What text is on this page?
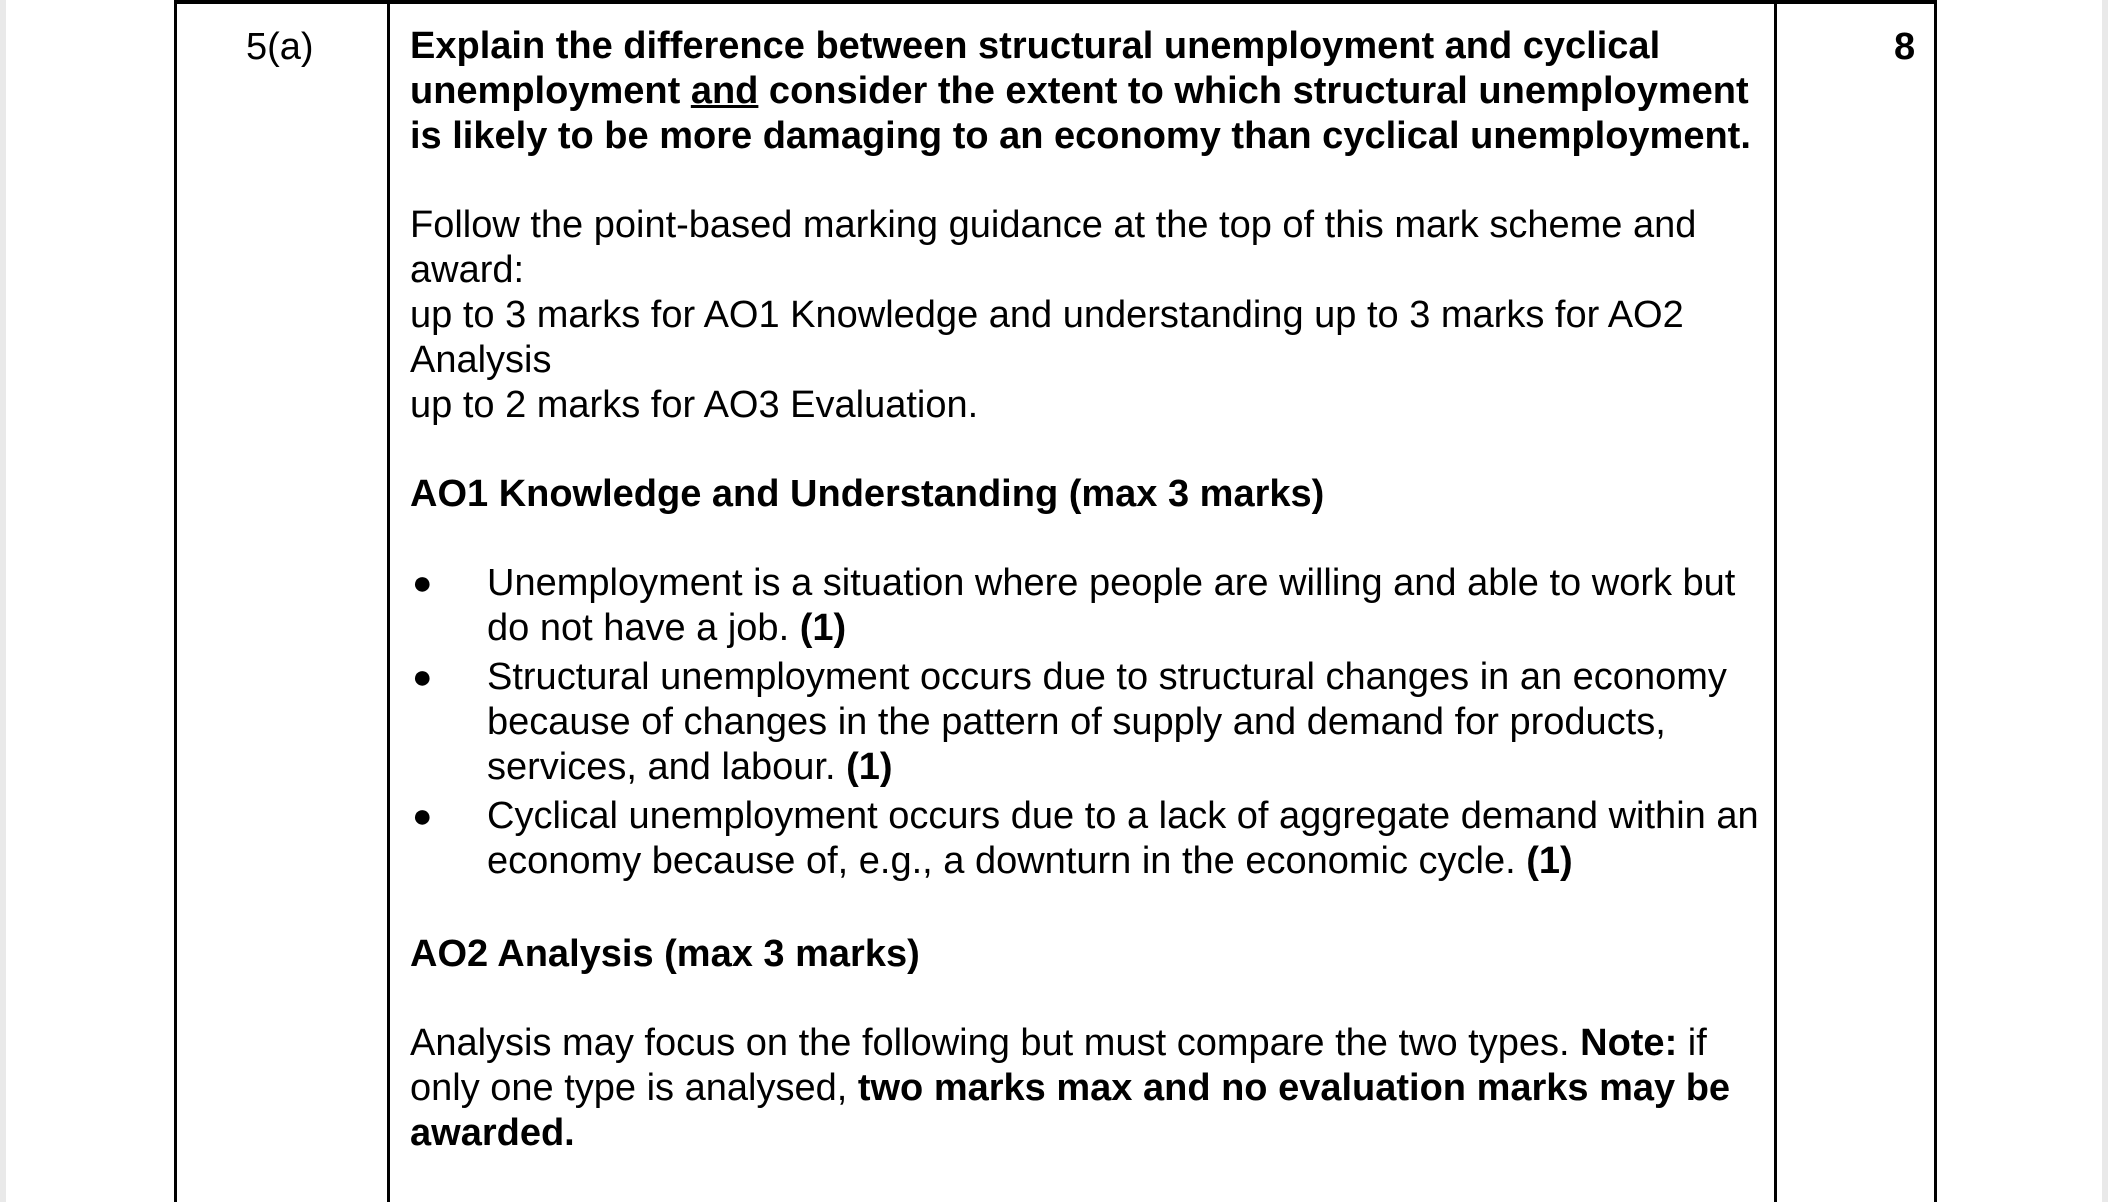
5(a)	8

Explain the difference between structural unemployment and cyclical unemployment and consider the extent to which structural unemployment is likely to be more damaging to an economy than cyclical unemployment.

Follow the point-based marking guidance at the top of this mark scheme and award:

up to 3 marks for AO1 Knowledge and understanding up to 3 marks for AO2 Analysis

up to 2 marks for AO3 Evaluation.

AO1 Knowledge and Understanding (max 3 marks)

● Unemployment is a situation where people are willing and able to work but do not have a job. (1)
● Structural unemployment occurs due to structural changes in an economy because of changes in the pattern of supply and demand for products, services, and labour. (1)
● Cyclical unemployment occurs due to a lack of aggregate demand within an economy because of, e.g., a downturn in the economic cycle. (1)

AO2 Analysis (max 3 marks)

Analysis may focus on the following but must compare the two types. Note: if only one type is analysed, two marks max and no evaluation marks may be awarded.
